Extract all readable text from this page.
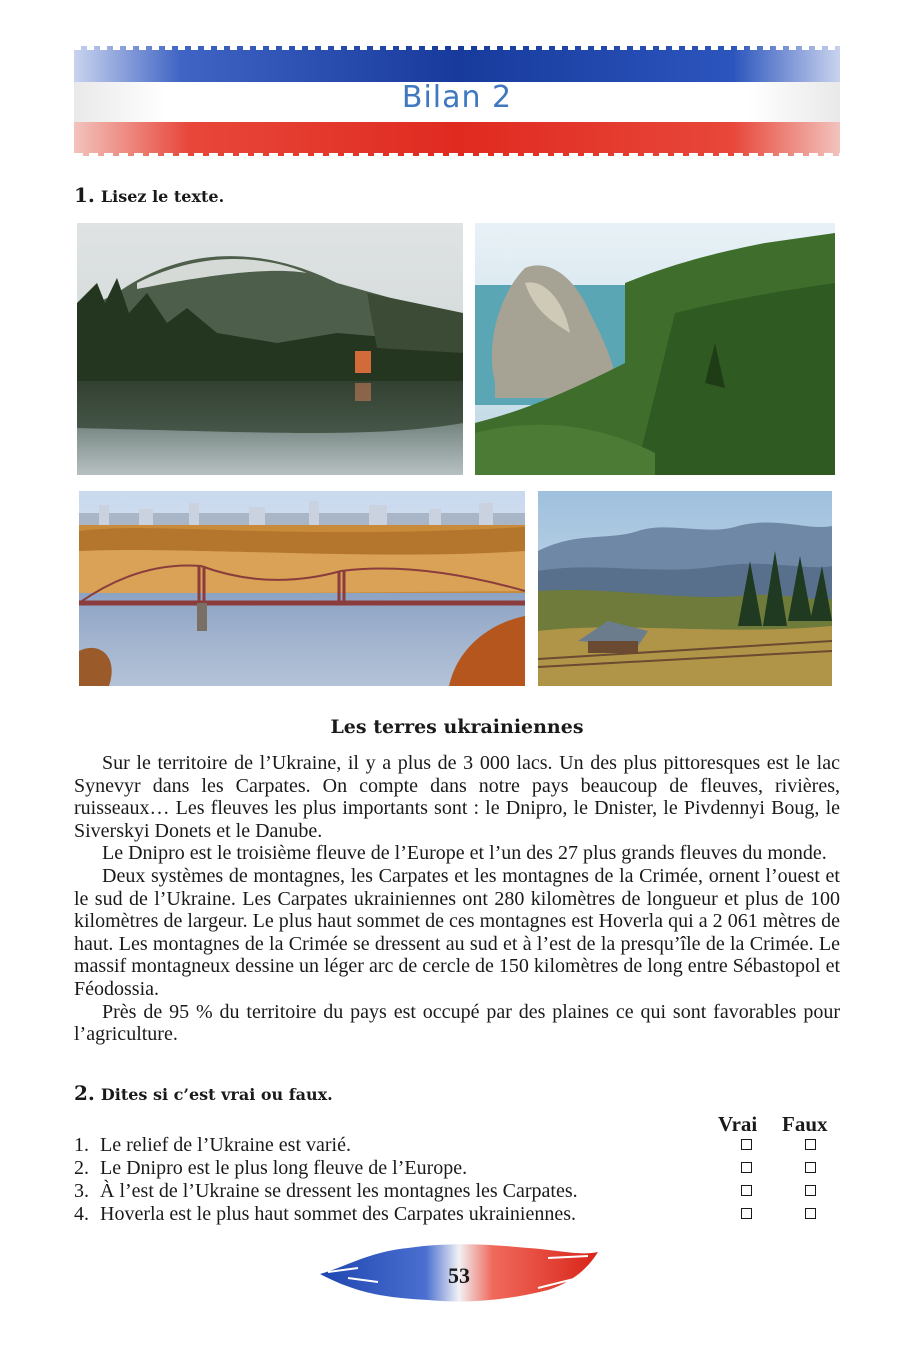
Bilan 2
1. Lisez le texte.
Les terres ukrainiennes

Sur le territoire de l’Ukraine, il y a plus de 3 000 lacs. Un des plus pittoresques est le lac Synevyr dans les Carpates. On compte dans notre pays beaucoup de fleuves, rivières, ruisseaux… Les fleuves les plus importants sont : le Dnipro, le Dnister, le Pivdennyi Boug, le Siverskyi Donets et le Danube.

Le Dnipro est le troisième fleuve de l’Europe et l’un des 27 plus grands fleuves du monde.

Deux systèmes de montagnes, les Carpates et les montagnes de la Crimée, ornent l’ouest et le sud de l’Ukraine. Les Carpates ukrainiennes ont 280 kilomètres de longueur et plus de 100 kilomètres de largeur. Le plus haut sommet de ces montagnes est Hoverla qui a 2 061 mètres de haut. Les montagnes de la Crimée se dressent au sud et à l’est de la presqu’île de la Crimée. Le massif montagneux dessine un léger arc de cercle de 150 kilomètres de long entre Sébastopol et Féodossia.

Près de 95 % du territoire du pays est occupé par des plaines ce qui sont favorables pour l’agriculture.

2. Dites si c’est vrai ou faux.
Vrai Faux
1. Le relief de l’Ukraine est varié.
2. Le Dnipro est le plus long fleuve de l’Europe.
3. À l’est de l’Ukraine se dressent les montagnes les Carpates.
4. Hoverla est le plus haut sommet des Carpates ukrainiennes.
53
